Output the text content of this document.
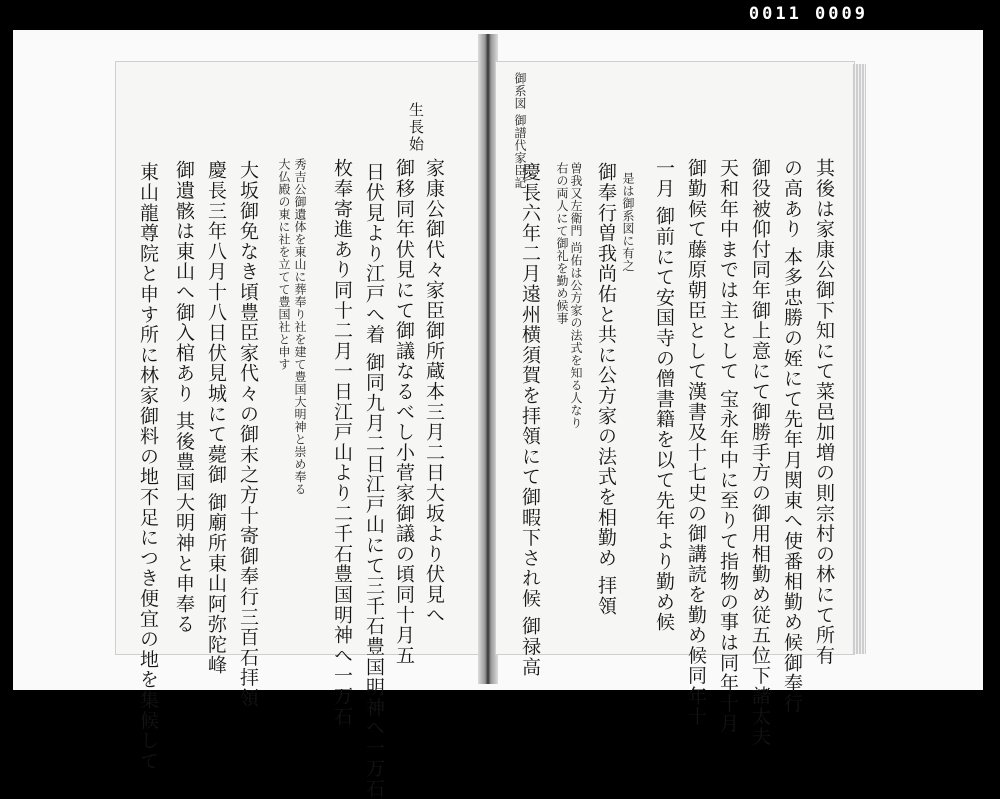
0011 0009
生長始
家康公御代々家臣御所蔵本三月二日大坂より伏見へ
御移同年伏見にて御議なるべし小菅家御議の頃同十月五
日伏見より江戸へ着 御同九月二日江戸山にて三千石豊国明神へ一万石
枚奉寄進あり同十二月一日江戸山より二千石豊国明神へ一万石
秀吉公御遺体を東山に葬奉り社を建て豊国大明神と崇め奉る
大仏殿の東に社を立てて豊国社と申す
大坂御免なき頃豊臣家代々の御末之方十寄御奉行三百石拝領
慶長三年八月十八日伏見城にて薨御 御廟所東山阿弥陀峰
御遺骸は東山へ御入棺あり 其後豊国大明神と申奉る
東山龍尊院と申す所に林家御料の地不足につき便宜の地を集候して
御系図 御譜代家臣記
其後は家康公御下知にて菜邑加増の則宗村の林にて所有
の高あり 本多忠勝の姪にて先年月関東へ使番相勤め候御奉行
御役被仰付同年御上意にて御勝手方の御用相勤め従五位下諸太夫
天和年中までは主として 宝永年中に至りて指物の事は同年十月
御勤候て藤原朝臣として漢書及十七史の御講読を勤め候同年十
一月 御前にて安国寺の僧書籍を以て先年より勤め候
是は御系図に有之
御奉行曽我尚佑と共に公方家の法式を相勤め 拝領
曽我又左衛門 尚佑は公方家の法式を知る人なり
右の両人にて御礼を勤め候事
慶長六年二月遠州横須賀を拝領にて御暇下され候 御禄高
